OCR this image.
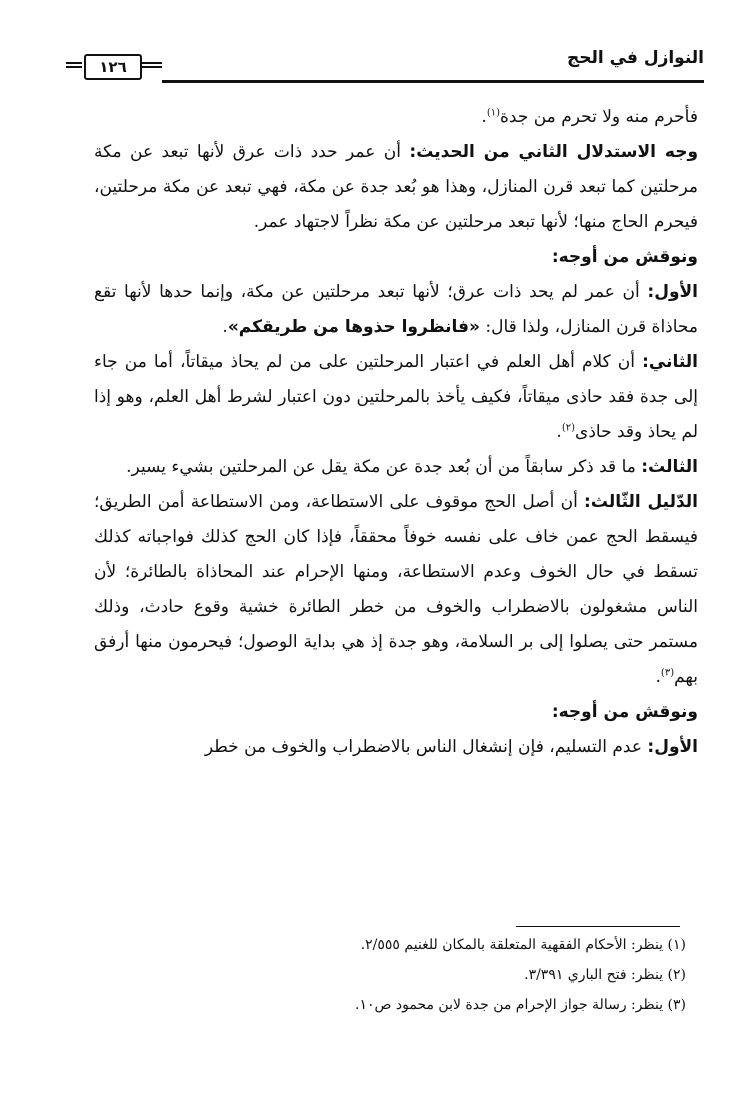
النوازل في الحج
١٢٦

فأحرم منه ولا تحرم من جدة$^{(١)}$.

وجه الاستدلال الثاني من الحديث: أن عمر حدد ذات عرق لأنها تبعد عن مكة مرحلتين كما تبعد قرن المنازل، وهذا هو بُعد جدة عن مكة، فهي تبعد عن مكة مرحلتين، فيحرم الحاج منها؛ لأنها تبعد مرحلتين عن مكة نظراً لاجتهاد عمر.

ونوقش من أوجه:

الأول: أن عمر لم يحد ذات عرق؛ لأنها تبعد مرحلتين عن مكة، وإنما حدها لأنها تقع محاذاة قرن المنازل، ولذا قال: «فانظروا حذوها من طريقكم».

الثاني: أن كلام أهل العلم في اعتبار المرحلتين على من لم يحاذ ميقاتاً، أما من جاء إلى جدة فقد حاذى ميقاتاً، فكيف يأخذ بالمرحلتين دون اعتبار لشرط أهل العلم، وهو إذا لم يحاذ وقد حاذى$^{(٢)}$.

الثالث: ما قد ذكر سابقاً من أن بُعد جدة عن مكة يقل عن المرحلتين بشيء يسير.

الدّليل الثّالث: أن أصل الحج موقوف على الاستطاعة، ومن الاستطاعة أمن الطريق؛ فيسقط الحج عمن خاف على نفسه خوفاً محققاً، فإذا كان الحج كذلك فواجباته كذلك تسقط في حال الخوف وعدم الاستطاعة، ومنها الإحرام عند المحاذاة بالطائرة؛ لأن الناس مشغولون بالاضطراب والخوف من خطر الطائرة خشية وقوع حادث، وذلك مستمر حتى يصلوا إلى بر السلامة، وهو جدة إذ هي بداية الوصول؛ فيحرمون منها أرفق بهم$^{(٣)}$.

ونوقش من أوجه:

الأول: عدم التسليم، فإن إنشغال الناس بالاضطراب والخوف من خطر

(١) ينظر: الأحكام الفقهية المتعلقة بالمكان للغنيم ٢/٥٥٥.

(٢) ينظر: فتح الباري ٣/٣٩١.

(٣) ينظر: رسالة جواز الإحرام من جدة لابن محمود ص١٠.
